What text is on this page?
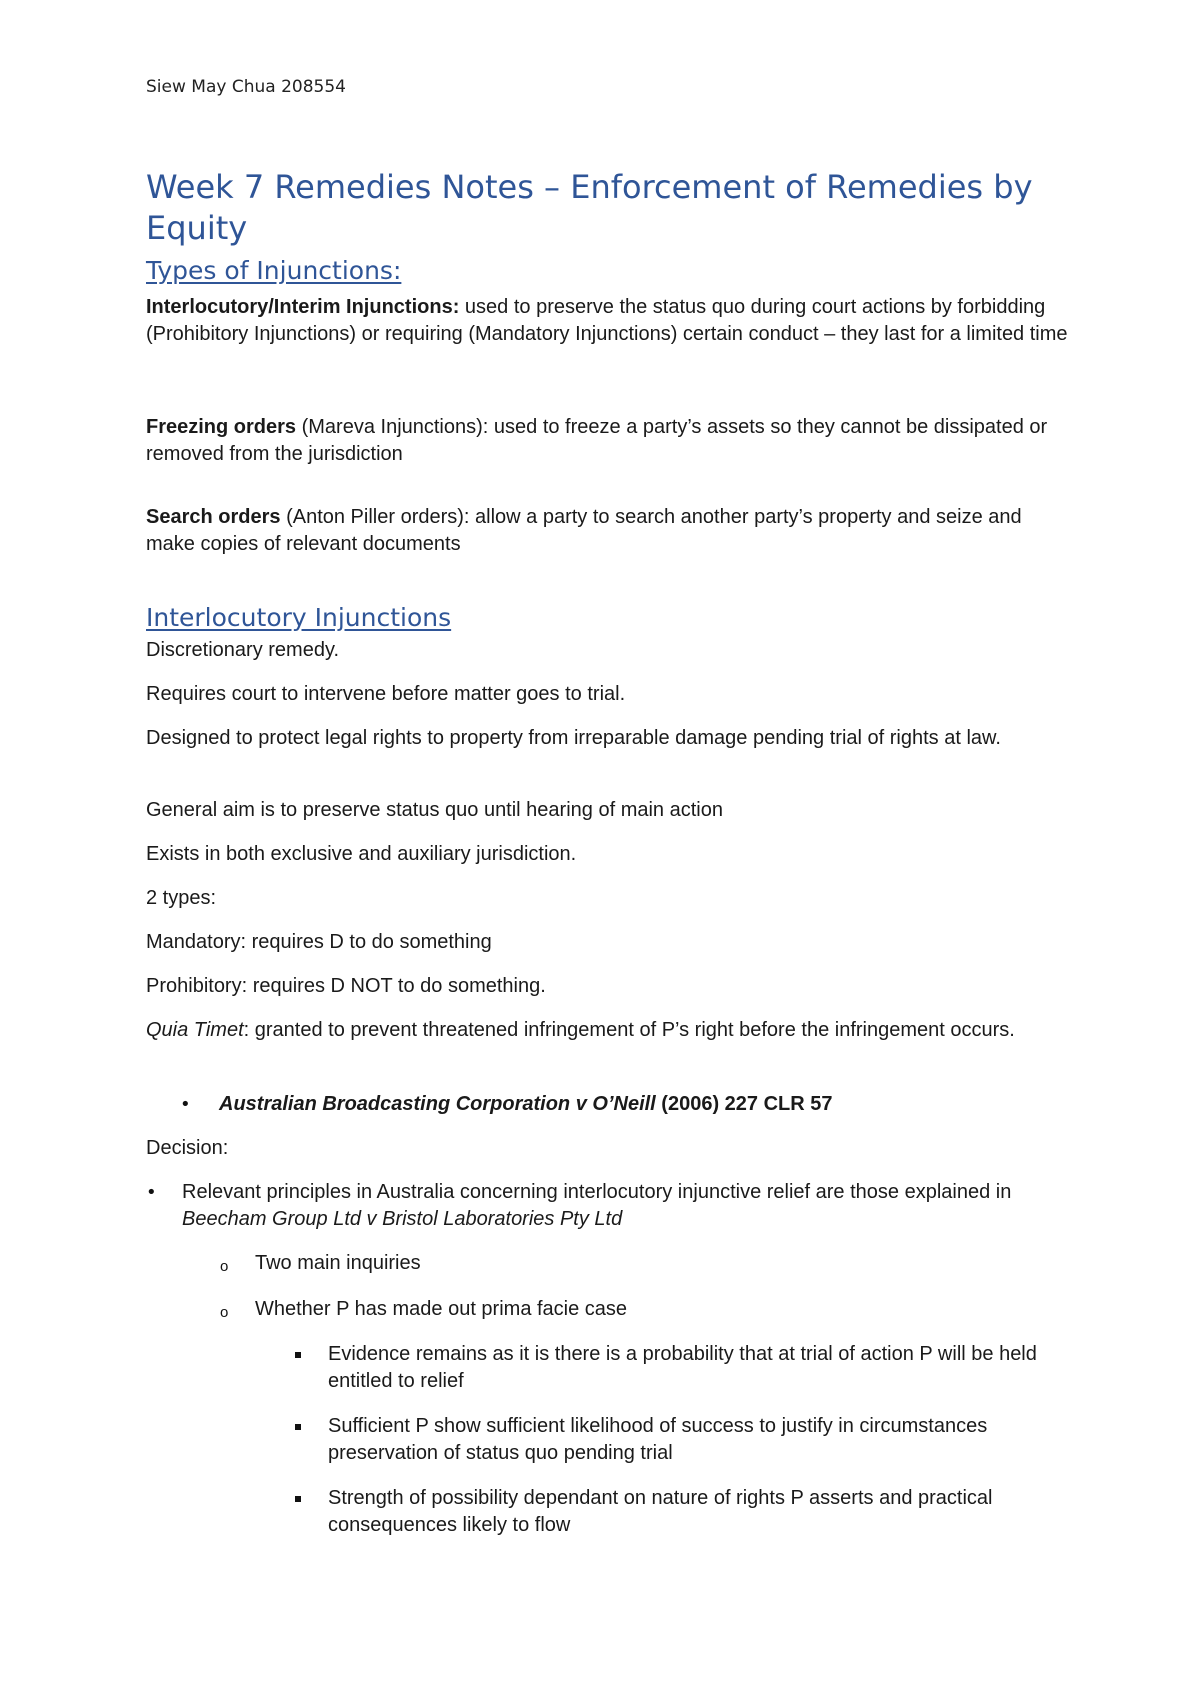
Siew May Chua 208554
Week 7 Remedies Notes – Enforcement of Remedies by Equity
Types of Injunctions:

Interlocutory/Interim Injunctions: used to preserve the status quo during court actions by forbidding (Prohibitory Injunctions) or requiring (Mandatory Injunctions) certain conduct – they last for a limited time

Freezing orders (Mareva Injunctions): used to freeze a party’s assets so they cannot be dissipated or removed from the jurisdiction

Search orders (Anton Piller orders): allow a party to search another party’s property and seize and make copies of relevant documents

Interlocutory Injunctions

Discretionary remedy.

Requires court to intervene before matter goes to trial.

Designed to protect legal rights to property from irreparable damage pending trial of rights at law.

General aim is to preserve status quo until hearing of main action

Exists in both exclusive and auxiliary jurisdiction.

2 types:

Mandatory: requires D to do something

Prohibitory: requires D NOT to do something.

Quia Timet: granted to prevent threatened infringement of P’s right before the infringement occurs.

• Australian Broadcasting Corporation v O’Neill (2006) 227 CLR 57

Decision:

• Relevant principles in Australia concerning interlocutory injunctive relief are those explained in Beecham Group Ltd v Bristol Laboratories Pty Ltd

o Two main inquiries

o Whether P has made out prima facie case

Evidence remains as it is there is a probability that at trial of action P will be held entitled to relief

Sufficient P show sufficient likelihood of success to justify in circumstances preservation of status quo pending trial

Strength of possibility dependant on nature of rights P asserts and practical consequences likely to flow
